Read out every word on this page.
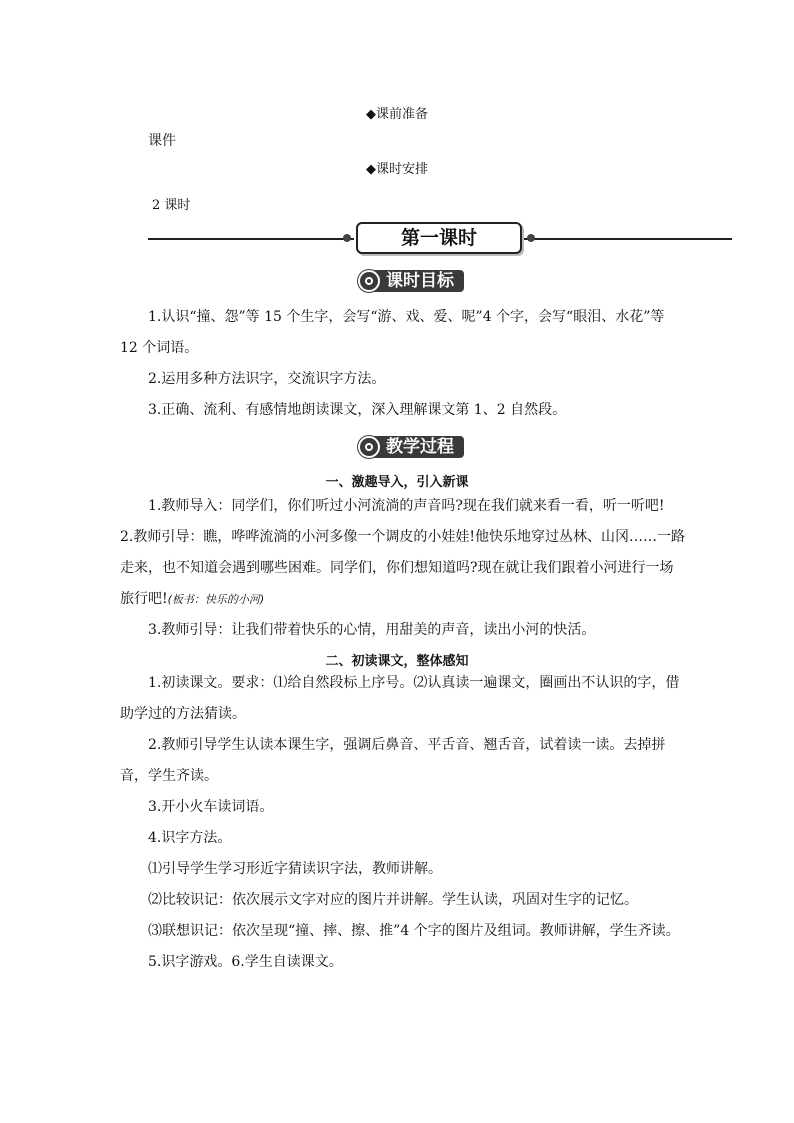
◆课前准备
课件
◆课时安排
2 课时
第一课时
课时目标

1.认识“撞、怨”等 15 个生字，会写“游、戏、爱、呢”4 个字，会写“眼泪、水花”等 12 个词语。

2.运用多种方法识字，交流识字方法。

3.正确、流利、有感情地朗读课文，深入理解课文第 1、2 自然段。

教学过程
一、激趣导入，引入新课

1.教师导入：同学们，你们听过小河流淌的声音吗?现在我们就来看一看，听一听吧!

2.教师引导：瞧，哗哗流淌的小河多像一个调皮的小娃娃!他快乐地穿过丛林、山冈……一路走来，也不知道会遇到哪些困难。同学们，你们想知道吗?现在就让我们跟着小河进行一场旅行吧!(板书：快乐的小河)

3.教师引导：让我们带着快乐的心情，用甜美的声音，读出小河的快活。

二、初读课文，整体感知

1.初读课文。要求：⑴给自然段标上序号。⑵认真读一遍课文，圈画出不认识的字，借助学过的方法猜读。

2.教师引导学生认读本课生字，强调后鼻音、平舌音、翘舌音，试着读一读。去掉拼音，学生齐读。

3.开小火车读词语。

4.识字方法。

⑴引导学生学习形近字猜读识字法，教师讲解。

⑵比较识记：依次展示文字对应的图片并讲解。学生认读，巩固对生字的记忆。

⑶联想识记：依次呈现“撞、摔、擦、推”4 个字的图片及组词。教师讲解，学生齐读。

5.识字游戏。6.学生自读课文。
